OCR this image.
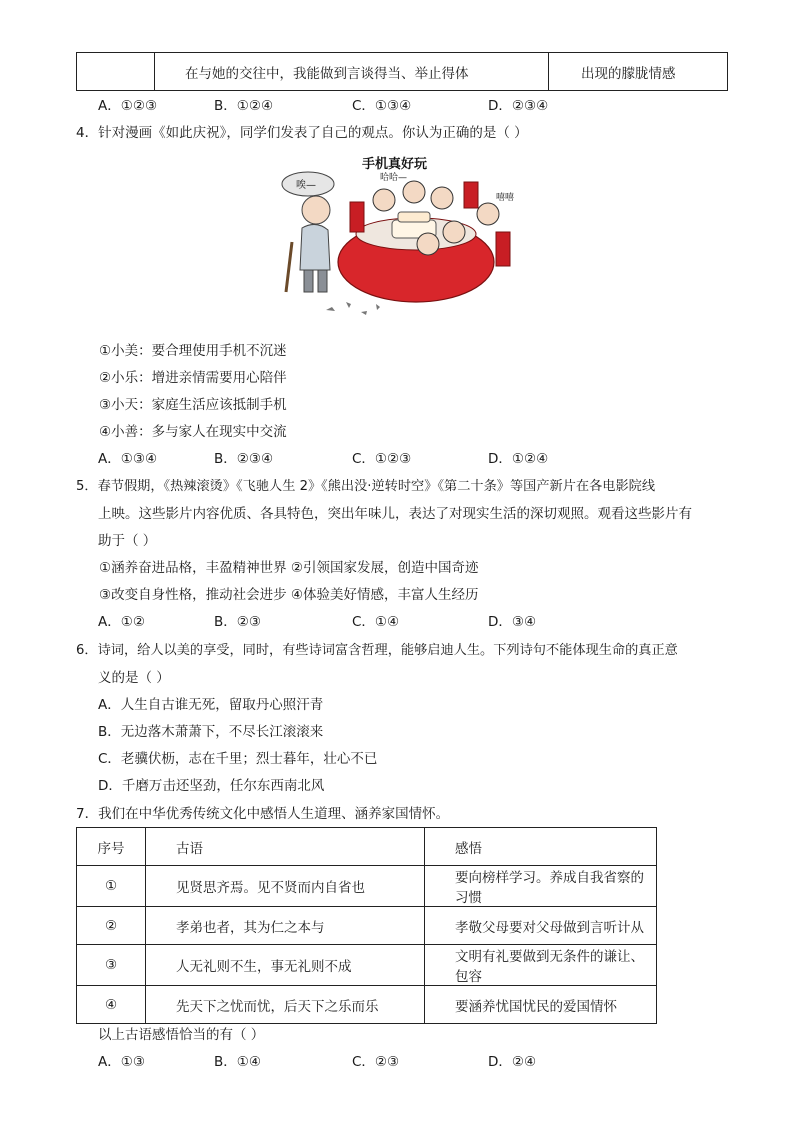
	在与她的交往中，我能做到言谈得当、举止得体	出现的朦胧情感
A．①②③	B．①②④	C．①③④	D．②③④
4．针对漫画《如此庆祝》，同学们发表了自己的观点。你认为正确的是（ ）
手机真好玩
唉—
哈哈—
嘻嘻
①小美：要合理使用手机不沉迷
②小乐：增进亲情需要用心陪伴
③小天：家庭生活应该抵制手机
④小善：多与家人在现实中交流
A．①③④	B．②③④	C．①②③	D．①②④
5．春节假期，《热辣滚烫》《飞驰人生 2》《熊出没·逆转时空》《第二十条》等国产新片在各电影院线
上映。这些影片内容优质、各具特色，突出年味儿，表达了对现实生活的深切观照。观看这些影片有
助于（ ）
①涵养奋进品格，丰盈精神世界 ②引领国家发展，创造中国奇迹
③改变自身性格，推动社会进步 ④体验美好情感，丰富人生经历
A．①②	B．②③	C．①④	D．③④
6．诗词，给人以美的享受，同时，有些诗词富含哲理，能够启迪人生。下列诗句不能体现生命的真正意
义的是（ ）
A．人生自古谁无死，留取丹心照汗青
B．无边落木萧萧下，不尽长江滚滚来
C．老骥伏枥，志在千里；烈士暮年，壮心不已
D．千磨万击还坚劲，任尔东西南北风
7．我们在中华优秀传统文化中感悟人生道理、涵养家国情怀。
序号	古语	感悟
①	见贤思齐焉。见不贤而内自省也	要向榜样学习。养成自我省察的习惯
②	孝弟也者，其为仁之本与	孝敬父母要对父母做到言听计从
③	人无礼则不生，事无礼则不成	文明有礼要做到无条件的谦让、包容
④	先天下之忧而忧，后天下之乐而乐	要涵养忧国忧民的爱国情怀
以上古语感悟恰当的有（ ）
A．①③	B．①④	C．②③	D．②④
